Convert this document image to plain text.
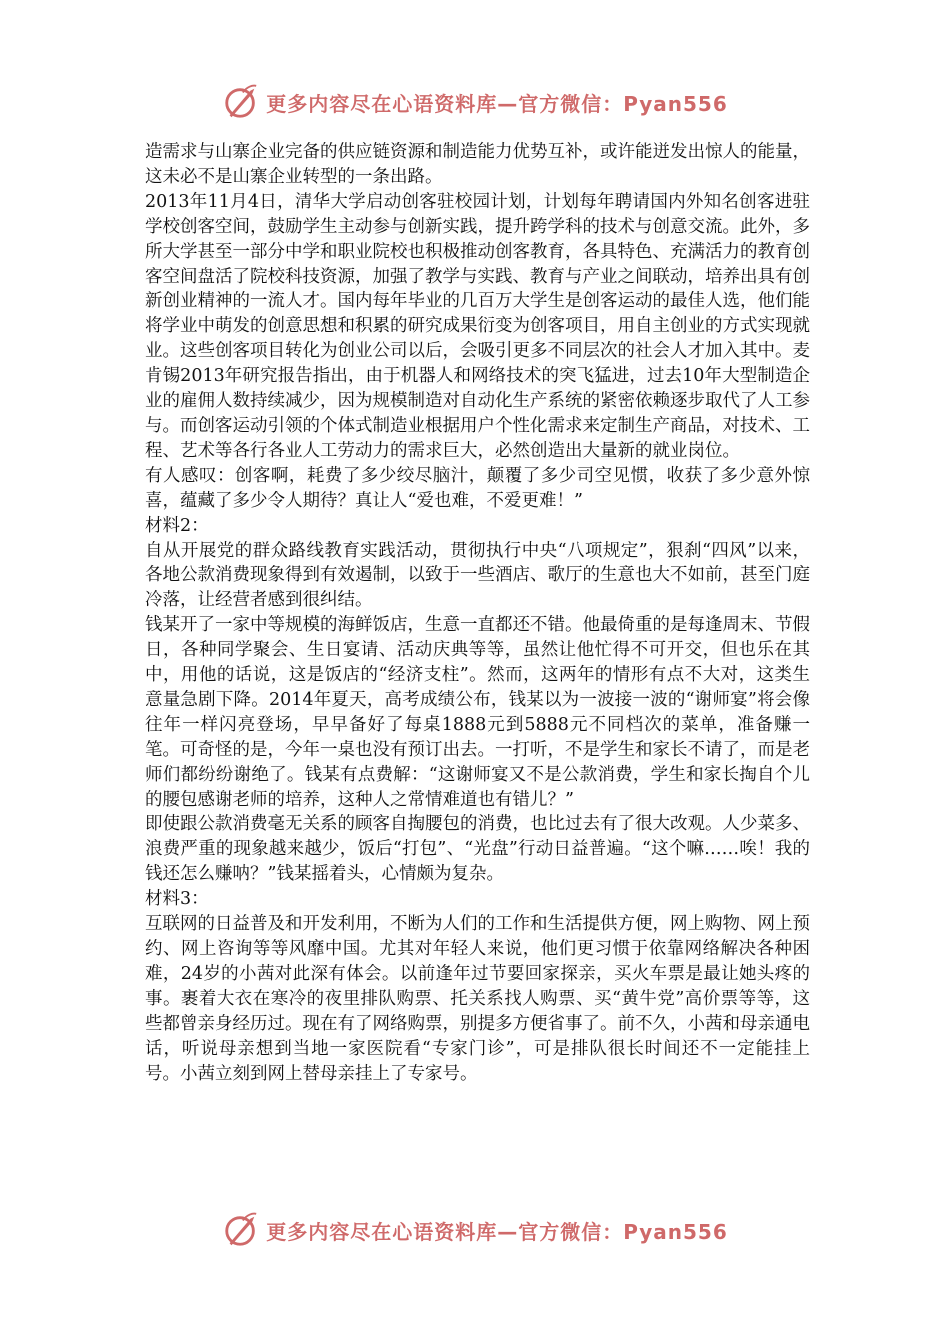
更多内容尽在心语资料库—官方微信：Pyan556

造需求与山寨企业完备的供应链资源和制造能力优势互补，或许能迸发出惊人的能量，这未必不是山寨企业转型的一条出路。

2013年11月4日，清华大学启动创客驻校园计划，计划每年聘请国内外知名创客进驻学校创客空间，鼓励学生主动参与创新实践，提升跨学科的技术与创意交流。此外，多所大学甚至一部分中学和职业院校也积极推动创客教育，各具特色、充满活力的教育创客空间盘活了院校科技资源，加强了教学与实践、教育与产业之间联动，培养出具有创新创业精神的一流人才。国内每年毕业的几百万大学生是创客运动的最佳人选，他们能将学业中萌发的创意思想和积累的研究成果衍变为创客项目，用自主创业的方式实现就业。这些创客项目转化为创业公司以后，会吸引更多不同层次的社会人才加入其中。麦肯锡2013年研究报告指出，由于机器人和网络技术的突飞猛进，过去10年大型制造企业的雇佣人数持续减少，因为规模制造对自动化生产系统的紧密依赖逐步取代了人工参与。而创客运动引领的个体式制造业根据用户个性化需求来定制生产商品，对技术、工程、艺术等各行各业人工劳动力的需求巨大，必然创造出大量新的就业岗位。

有人感叹：创客啊，耗费了多少绞尽脑汁，颠覆了多少司空见惯，收获了多少意外惊喜，蕴藏了多少令人期待？真让人“爱也难，不爱更难！”

材料2：

自从开展党的群众路线教育实践活动，贯彻执行中央“八项规定”，狠刹“四风”以来，各地公款消费现象得到有效遏制，以致于一些酒店、歌厅的生意也大不如前，甚至门庭冷落，让经营者感到很纠结。

钱某开了一家中等规模的海鲜饭店，生意一直都还不错。他最倚重的是每逢周末、节假日，各种同学聚会、生日宴请、活动庆典等等，虽然让他忙得不可开交，但也乐在其中，用他的话说，这是饭店的“经济支柱”。然而，这两年的情形有点不大对，这类生意量急剧下降。2014年夏天，高考成绩公布，钱某以为一波接一波的“谢师宴”将会像往年一样闪亮登场，早早备好了每桌1888元到5888元不同档次的菜单，准备赚一笔。可奇怪的是，今年一桌也没有预订出去。一打听，不是学生和家长不请了，而是老师们都纷纷谢绝了。钱某有点费解：“这谢师宴又不是公款消费，学生和家长掏自个儿的腰包感谢老师的培养，这种人之常情难道也有错儿？”

即使跟公款消费毫无关系的顾客自掏腰包的消费，也比过去有了很大改观。人少菜多、浪费严重的现象越来越少，饭后“打包”、“光盘”行动日益普遍。“这个嘛……唉！我的钱还怎么赚呐？”钱某摇着头，心情颇为复杂。

材料3：

互联网的日益普及和开发利用，不断为人们的工作和生活提供方便，网上购物、网上预约、网上咨询等等风靡中国。尤其对年轻人来说，他们更习惯于依靠网络解决各种困难，24岁的小茜对此深有体会。以前逢年过节要回家探亲，买火车票是最让她头疼的事。裹着大衣在寒冷的夜里排队购票、托关系找人购票、买“黄牛党”高价票等等，这些都曾亲身经历过。现在有了网络购票，别提多方便省事了。前不久，小茜和母亲通电话，听说母亲想到当地一家医院看“专家门诊”，可是排队很长时间还不一定能挂上号。小茜立刻到网上替母亲挂上了专家号。

更多内容尽在心语资料库—官方微信：Pyan556
